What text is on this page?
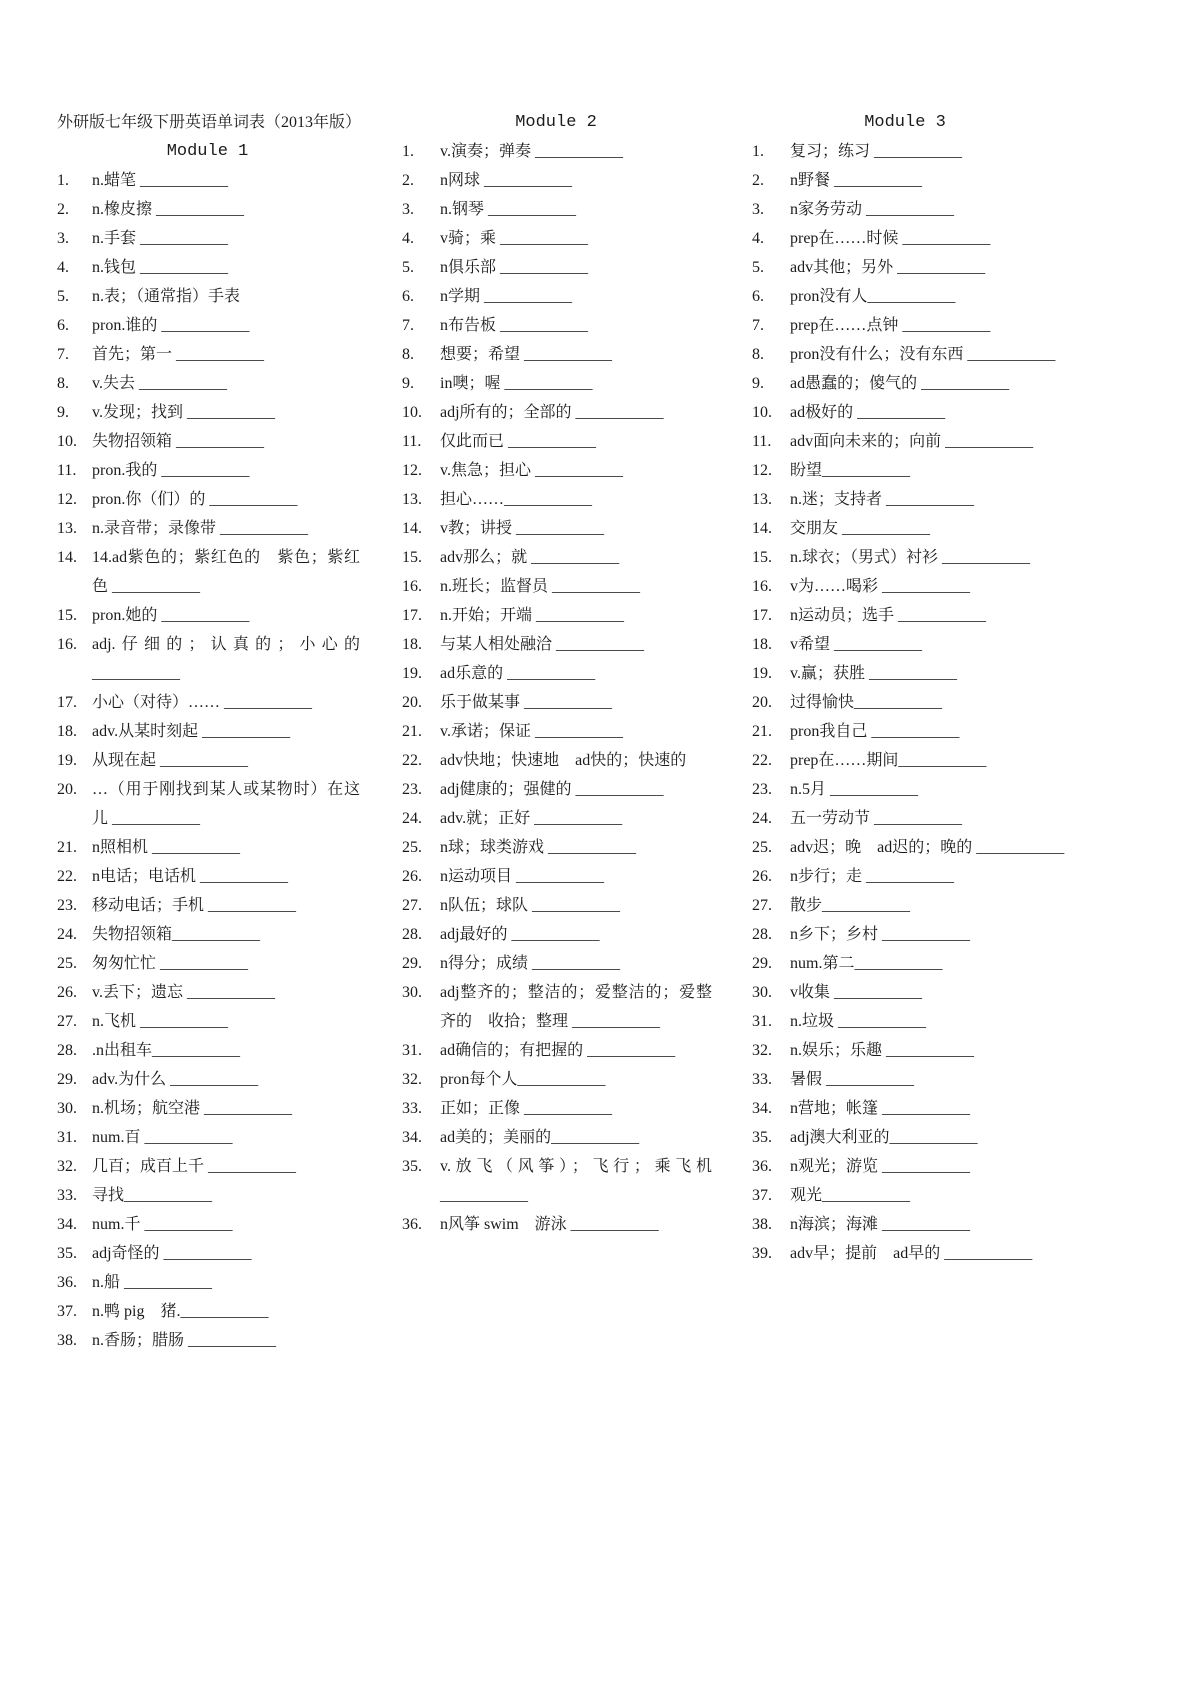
外研版七年级下册英语单词表（2013年版）
Module 1
1. n.蜡笔 ___________
2. n.橡皮擦 ___________
3. n.手套 ___________
4. n.钱包 ___________
5. n.表；（通常指）手表
6. pron.谁的 ___________
7. 首先；第一 ___________
8. v.失去 ___________
9. v.发现；找到 ___________
10. 失物招领箱 ___________
11. pron.我的 ___________
12. pron.你（们）的 ___________
13. n.录音带；录像带 ___________
14. 14.ad紫色的；紫红色的　紫色；紫红色 ___________
15. pron.她的 ___________
16. adj.仔细的；认真的；小心的 ___________
17. 小心（对待）…… ___________
18. adv.从某时刻起 ___________
19. 从现在起 ___________
20. …（用于刚找到某人或某物时）在这儿 ___________
21. n照相机 ___________
22. n电话；电话机 ___________
23. 移动电话；手机 ___________
24. 失物招领箱___________
25. 匆匆忙忙 ___________
26. v.丢下；遗忘 ___________
27. n.飞机 ___________
28. .n出租车___________
29. adv.为什么 ___________
30. n.机场；航空港 ___________
31. num.百 ___________
32. 几百；成百上千 ___________
33. 寻找___________
34. num.千 ___________
35. adj奇怪的 ___________
36. n.船 ___________
37. n.鸭 pig　猪.___________
38. n.香肠；腊肠 ___________
Module 2
1. v.演奏；弹奏 ___________
2. n网球 ___________
3. n.钢琴 ___________
4. v骑；乘 ___________
5. n俱乐部 ___________
6. n学期 ___________
7. n布告板 ___________
8. 想要；希望 ___________
9. in噢；喔 ___________
10. adj所有的；全部的 ___________
11. 仅此而已 ___________
12. v.焦急；担心 ___________
13. 担心……___________
14. v教；讲授 ___________
15. adv那么；就 ___________
16. n.班长；监督员 ___________
17. n.开始；开端 ___________
18. 与某人相处融洽 ___________
19. ad乐意的 ___________
20. 乐于做某事 ___________
21. v.承诺；保证 ___________
22. adv快地；快速地　ad快的；快速的
23. adj健康的；强健的 ___________
24. adv.就；正好 ___________
25. n球；球类游戏 ___________
26. n运动项目 ___________
27. n队伍；球队 ___________
28. adj最好的 ___________
29. n得分；成绩 ___________
30. adj整齐的；整洁的；爱整洁的；爱整齐的　收拾；整理 ___________
31. ad确信的；有把握的 ___________
32. pron每个人___________
33. 正如；正像 ___________
34. ad美的；美丽的___________
35. v.放飞（风筝）；飞行；乘飞机 ___________
36. n风筝 swim　游泳 ___________
Module 3
1. 复习；练习 ___________
2. n野餐 ___________
3. n家务劳动 ___________
4. prep在……时候 ___________
5. adv其他；另外 ___________
6. pron没有人___________
7. prep在……点钟 ___________
8. pron没有什么；没有东西 ___________
9. ad愚蠢的；傻气的 ___________
10. ad极好的 ___________
11. adv面向未来的；向前 ___________
12. 盼望___________
13. n.迷；支持者 ___________
14. 交朋友 ___________
15. n.球衣；（男式）衬衫 ___________
16. v为……喝彩 ___________
17. n运动员；选手 ___________
18. v希望 ___________
19. v.赢；获胜 ___________
20. 过得愉快___________
21. pron我自己 ___________
22. prep在……期间___________
23. n.5月 ___________
24. 五一劳动节 ___________
25. adv迟；晚　ad迟的；晚的 ___________
26. n步行；走 ___________
27. 散步___________
28. n乡下；乡村 ___________
29. num.第二___________
30. v收集 ___________
31. n.垃圾 ___________
32. n.娱乐；乐趣 ___________
33. 暑假 ___________
34. n营地；帐篷 ___________
35. adj澳大利亚的___________
36. n观光；游览 ___________
37. 观光___________
38. n海滨；海滩 ___________
39. adv早；提前　ad早的 ___________
